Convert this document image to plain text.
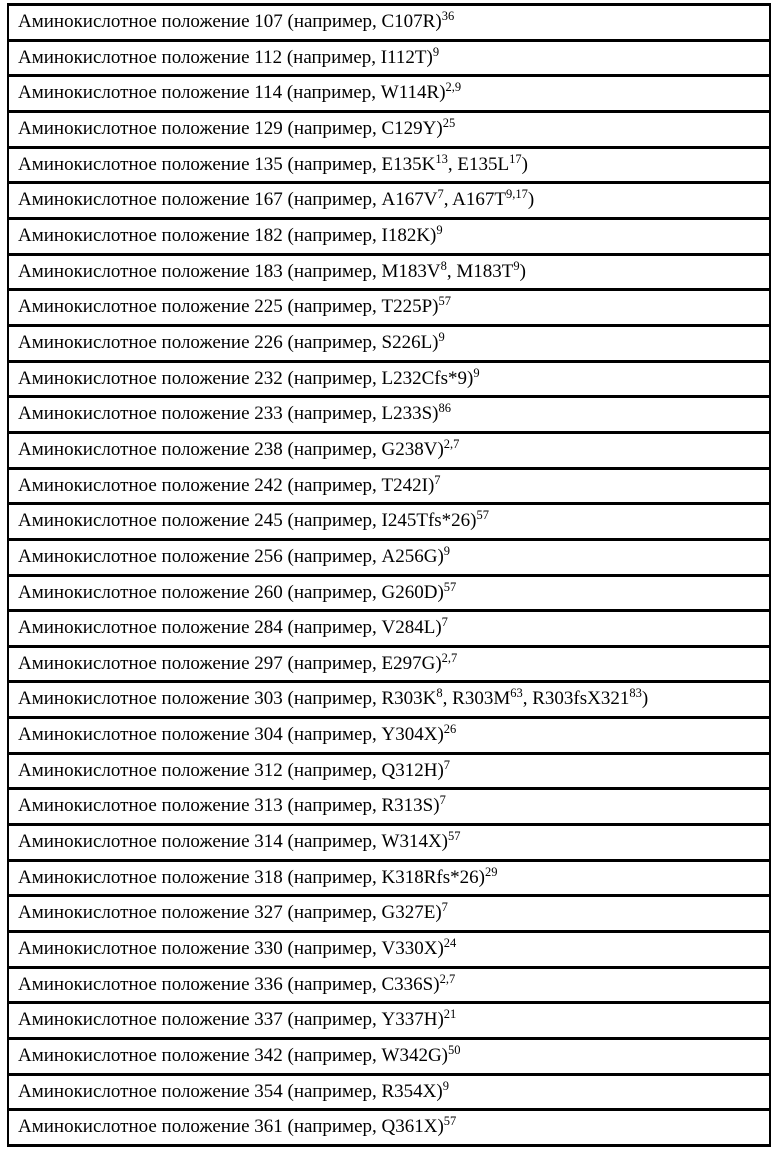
Аминокислотное положение 107 (например, C107R)$^{36}$
Аминокислотное положение 112 (например, I112T)$^9$
Аминокислотное положение 114 (например, W114R)$^{2,9}$
Аминокислотное положение 129 (например, C129Y)$^{25}$
Аминокислотное положение 135 (например, $E135K^{13}$, $E135L^{17}$)
Аминокислотное положение 167 (например, $A167V^7$, $A167T^{9,17}$)
Аминокислотное положение 182 (например, I182K)$^9$
Аминокислотное положение 183 (например, $M183V^8$, $M183T^9$)
Аминокислотное положение 225 (например, T225P)$^{57}$
Аминокислотное положение 226 (например, S226L)$^9$
Аминокислотное положение 232 (например, L232Cfs*9)$^9$
Аминокислотное положение 233 (например, L233S)$^{86}$
Аминокислотное положение 238 (например, G238V)$^{2,7}$
Аминокислотное положение 242 (например, T242I)$^7$
Аминокислотное положение 245 (например, I245Tfs*26)$^{57}$
Аминокислотное положение 256 (например, A256G)$^9$
Аминокислотное положение 260 (например, G260D)$^{57}$
Аминокислотное положение 284 (например, V284L)$^7$
Аминокислотное положение 297 (например, E297G)$^{2,7}$
Аминокислотное положение 303 (например, $R303K^8$, $R303M^{63}$, $R303fsX321^{83}$)
Аминокислотное положение 304 (например, Y304X)$^{26}$
Аминокислотное положение 312 (например, Q312H)$^7$
Аминокислотное положение 313 (например, R313S)$^7$
Аминокислотное положение 314 (например, W314X)$^{57}$
Аминокислотное положение 318 (например, K318Rfs*26)$^{29}$
Аминокислотное положение 327 (например, G327E)$^7$
Аминокислотное положение 330 (например, V330X)$^{24}$
Аминокислотное положение 336 (например, C336S)$^{2,7}$
Аминокислотное положение 337 (например, Y337H)$^{21}$
Аминокислотное положение 342 (например, W342G)$^{50}$
Аминокислотное положение 354 (например, R354X)$^9$
Аминокислотное положение 361 (например, Q361X)$^{57}$
